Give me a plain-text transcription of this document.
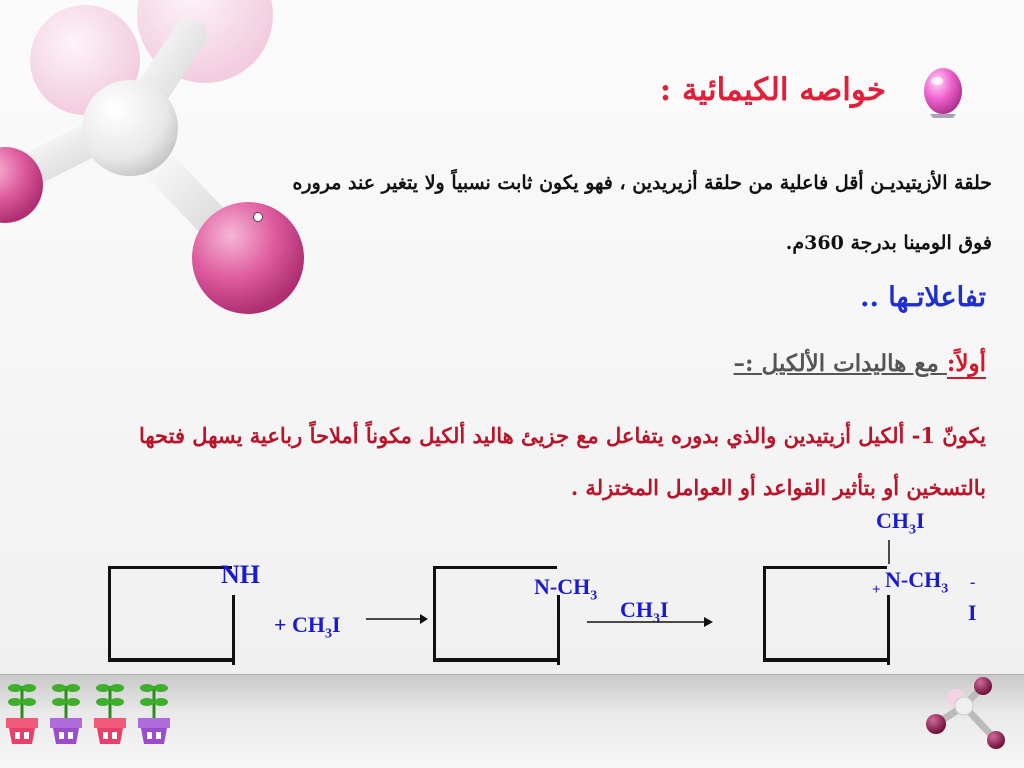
خواصه الكيمائية :
حلقة الأزيتيديـن أقل فاعلية من حلقة أزيريدين ، فهو يكون ثابت نسبياً ولا يتغير عند مروره
فوق الومينا بدرجة 360م.
تفاعلاتـها ..
أولاً: مع هاليدات الألكيل :–
يكونّ 1- ألكيل أزيتيدين والذي بدوره يتفاعل مع جزيئ هاليد ألكيل مكوناً أملاحاً رباعية يسهل فتحها
بالتسخين أو بتأثير القواعد أو العوامل المختزلة .
NH
+ $CH_3I$
$N-CH_3$
$CH_3I$
$CH_3I$
+ $N-CH_3$ -
I
